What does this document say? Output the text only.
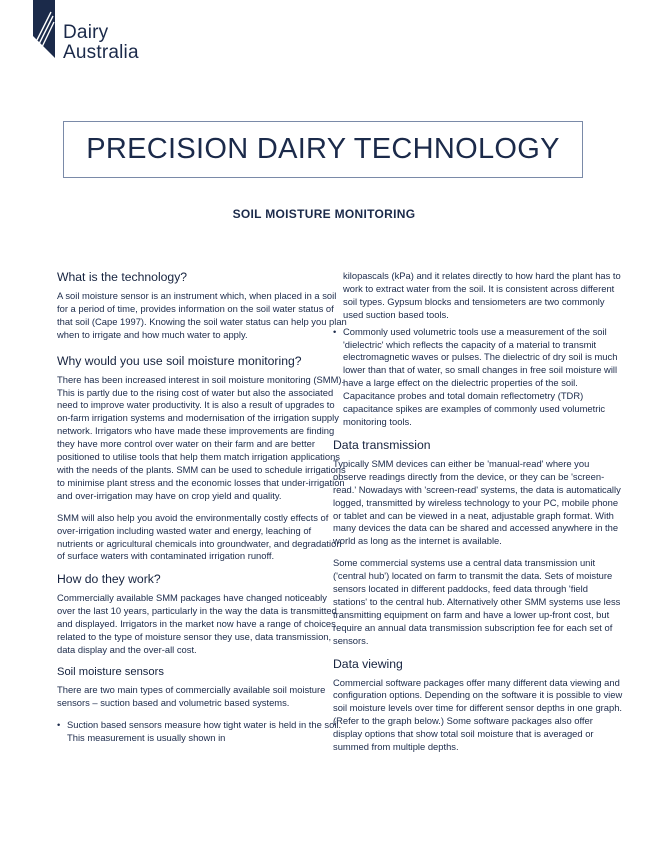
Dairy
Australia
PRECISION DAIRY TECHNOLOGY
SOIL MOISTURE MONITORING
What is the technology?

A soil moisture sensor is an instrument which, when placed in a soil for a period of time, provides information on the soil water status of that soil (Cape 1997). Knowing the soil water status can help you plan when to irrigate and how much water to apply.

Why would you use soil moisture monitoring?

There has been increased interest in soil moisture monitoring (SMM). This is partly due to the rising cost of water but also the associated need to improve water productivity. It is also a result of upgrades to on-farm irrigation systems and modernisation of the irrigation supply network. Irrigators who have made these improvements are finding they have more control over water on their farm and are better positioned to utilise tools that help them match irrigation applications with the needs of the plants. SMM can be used to schedule irrigations to minimise plant stress and the economic losses that under-irrigation and over-irrigation may have on crop yield and quality.

SMM will also help you avoid the environmentally costly effects of over-irrigation including wasted water and energy, leaching of nutrients or agricultural chemicals into groundwater, and degradation of surface waters with contaminated irrigation runoff.

How do they work?

Commercially available SMM packages have changed noticeably over the last 10 years, particularly in the way the data is transmitted and displayed. Irrigators in the market now have a range of choices related to the type of moisture sensor they use, data transmission, data display and the over-all cost.

Soil moisture sensors

There are two main types of commercially available soil moisture sensors – suction based and volumetric based systems.

• Suction based sensors measure how tight water is held in the soil. This measurement is usually shown in

kilopascals (kPa) and it relates directly to how hard the plant has to work to extract water from the soil. It is consistent across different soil types. Gypsum blocks and tensiometers are two commonly used suction based tools.

• Commonly used volumetric tools use a measurement of the soil 'dielectric' which reflects the capacity of a material to transmit electromagnetic waves or pulses. The dielectric of dry soil is much lower than that of water, so small changes in free soil moisture will have a large effect on the dielectric properties of the soil. Capacitance probes and total domain reflectometry (TDR) capacitance spikes are examples of commonly used volumetric monitoring tools.
Data transmission

Typically SMM devices can either be 'manual-read' where you observe readings directly from the device, or they can be 'screen-read.' Nowadays with 'screen-read' systems, the data is automatically logged, transmitted by wireless technology to your PC, mobile phone or tablet and can be viewed in a neat, adjustable graph format. With many devices the data can be shared and accessed anywhere in the world as long as the internet is available.

Some commercial systems use a central data transmission unit ('central hub') located on farm to transmit the data. Sets of moisture sensors located in different paddocks, feed data through 'field stations' to the central hub. Alternatively other SMM systems use less transmitting equipment on farm and have a lower up-front cost, but require an annual data transmission subscription fee for each set of sensors.

Data viewing

Commercial software packages offer many different data viewing and configuration options. Depending on the software it is possible to view soil moisture levels over time for different sensor depths in one graph. (Refer to the graph below.) Some software packages also offer display options that show total soil moisture that is averaged or summed from multiple depths.
